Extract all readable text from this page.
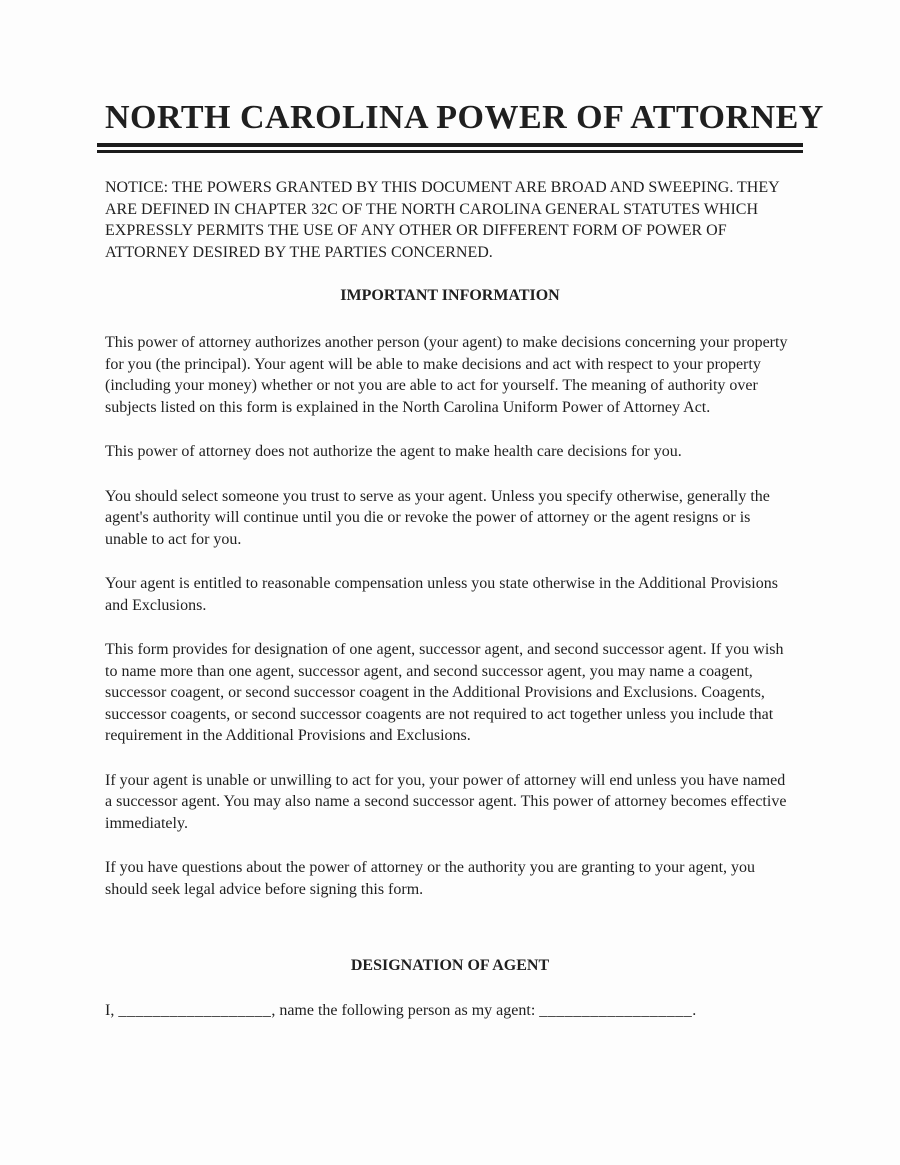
NORTH CAROLINA POWER OF ATTORNEY

NOTICE: THE POWERS GRANTED BY THIS DOCUMENT ARE BROAD AND SWEEPING. THEY ARE DEFINED IN CHAPTER 32C OF THE NORTH CAROLINA GENERAL STATUTES WHICH EXPRESSLY PERMITS THE USE OF ANY OTHER OR DIFFERENT FORM OF POWER OF ATTORNEY DESIRED BY THE PARTIES CONCERNED.

IMPORTANT INFORMATION

This power of attorney authorizes another person (your agent) to make decisions concerning your property for you (the principal). Your agent will be able to make decisions and act with respect to your property (including your money) whether or not you are able to act for yourself. The meaning of authority over subjects listed on this form is explained in the North Carolina Uniform Power of Attorney Act.

This power of attorney does not authorize the agent to make health care decisions for you.

You should select someone you trust to serve as your agent. Unless you specify otherwise, generally the agent's authority will continue until you die or revoke the power of attorney or the agent resigns or is unable to act for you.

Your agent is entitled to reasonable compensation unless you state otherwise in the Additional Provisions and Exclusions.

This form provides for designation of one agent, successor agent, and second successor agent. If you wish to name more than one agent, successor agent, and second successor agent, you may name a coagent, successor coagent, or second successor coagent in the Additional Provisions and Exclusions. Coagents, successor coagents, or second successor coagents are not required to act together unless you include that requirement in the Additional Provisions and Exclusions.

If your agent is unable or unwilling to act for you, your power of attorney will end unless you have named a successor agent. You may also name a second successor agent. This power of attorney becomes effective immediately.

If you have questions about the power of attorney or the authority you are granting to your agent, you should seek legal advice before signing this form.

DESIGNATION OF AGENT

I, __________________, name the following person as my agent: __________________.
